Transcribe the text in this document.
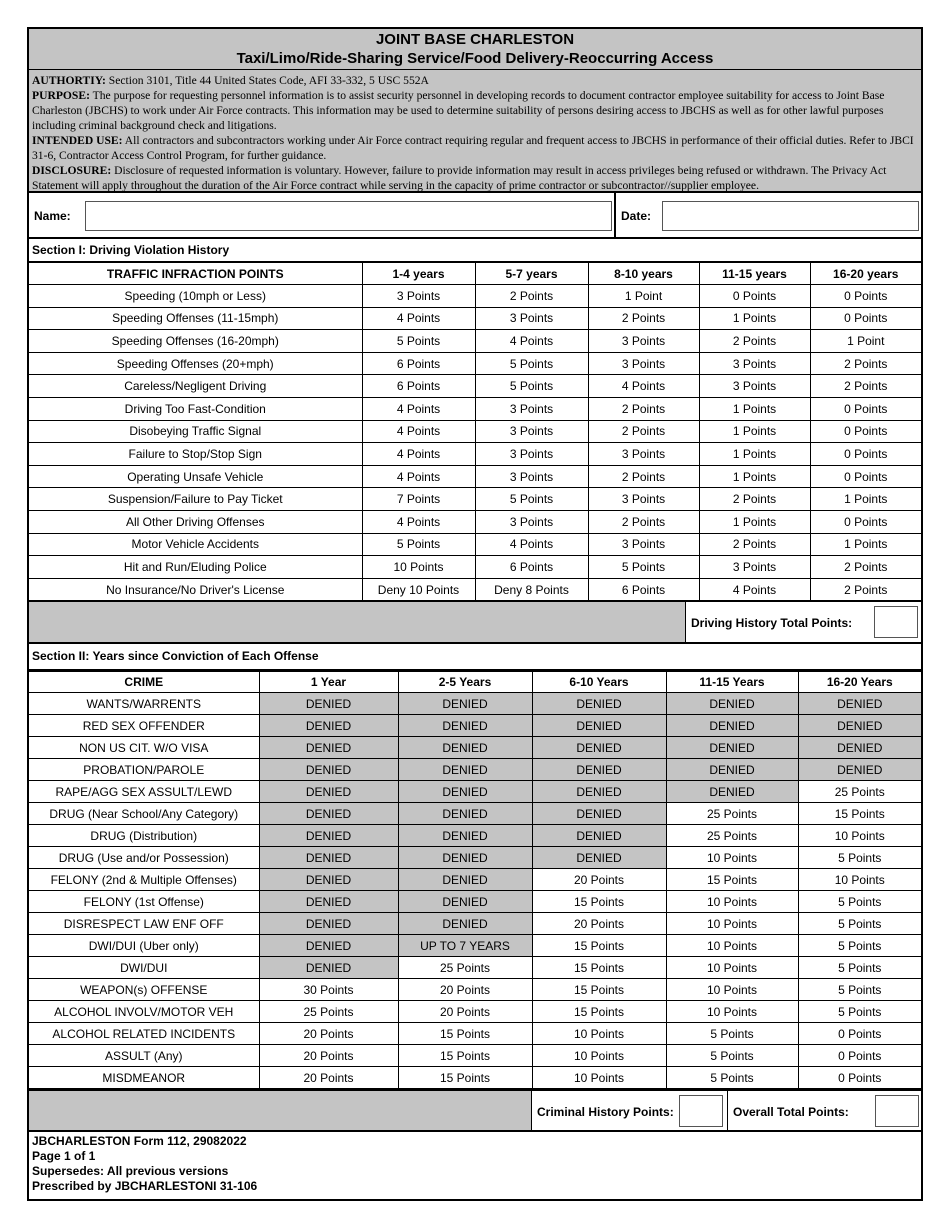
JOINT BASE CHARLESTON
Taxi/Limo/Ride-Sharing Service/Food Delivery-Reoccurring Access
AUTHORTIY: Section 3101, Title 44 United States Code, AFI 33-332, 5 USC 552A
PURPOSE: The purpose for requesting personnel information is to assist security personnel in developing records to document contractor employee suitability for access to Joint Base Charleston (JBCHS) to work under Air Force contracts. This information may be used to determine suitability of persons desiring access to JBCHS as well as for other lawful purposes including criminal background check and litigations.
INTENDED USE: All contractors and subcontractors working under Air Force contract requiring regular and frequent access to JBCHS in performance of their official duties. Refer to JBCI 31-6, Contractor Access Control Program, for further guidance.
DISCLOSURE: Disclosure of requested information is voluntary. However, failure to provide information may result in access privileges being refused or withdrawn. The Privacy Act Statement will apply throughout the duration of the Air Force contract while serving in the capacity of prime contractor or subcontractor//supplier employee.
Name:	Date:
Section I: Driving Violation History
TRAFFIC INFRACTION POINTS	1-4 years	5-7 years	8-10 years	11-15 years	16-20 years
Speeding (10mph or Less)	3 Points	2 Points	1 Point	0 Points	0 Points
Speeding Offenses (11-15mph)	4 Points	3 Points	2 Points	1 Points	0 Points
Speeding Offenses (16-20mph)	5 Points	4 Points	3 Points	2 Points	1 Point
Speeding Offenses (20+mph)	6 Points	5 Points	3 Points	3 Points	2 Points
Careless/Negligent Driving	6 Points	5 Points	4 Points	3 Points	2 Points
Driving Too Fast-Condition	4 Points	3 Points	2 Points	1 Points	0 Points
Disobeying Traffic Signal	4 Points	3 Points	2 Points	1 Points	0 Points
Failure to Stop/Stop Sign	4 Points	3 Points	3 Points	1 Points	0 Points
Operating Unsafe Vehicle	4 Points	3 Points	2 Points	1 Points	0 Points
Suspension/Failure to Pay Ticket	7 Points	5 Points	3 Points	2 Points	1 Points
All Other Driving Offenses	4 Points	3 Points	2 Points	1 Points	0 Points
Motor Vehicle Accidents	5 Points	4 Points	3 Points	2 Points	1 Points
Hit and Run/Eluding Police	10 Points	6 Points	5 Points	3 Points	2 Points
No Insurance/No Driver's License	Deny 10 Points	Deny 8 Points	6 Points	4 Points	2 Points
Driving History Total Points:
Section II: Years since Conviction of Each Offense
CRIME	1 Year	2-5 Years	6-10 Years	11-15 Years	16-20 Years
WANTS/WARRENTS	DENIED	DENIED	DENIED	DENIED	DENIED
RED SEX OFFENDER	DENIED	DENIED	DENIED	DENIED	DENIED
NON US CIT. W/O VISA	DENIED	DENIED	DENIED	DENIED	DENIED
PROBATION/PAROLE	DENIED	DENIED	DENIED	DENIED	DENIED
RAPE/AGG SEX ASSULT/LEWD	DENIED	DENIED	DENIED	DENIED	25 Points
DRUG (Near School/Any Category)	DENIED	DENIED	DENIED	25 Points	15 Points
DRUG (Distribution)	DENIED	DENIED	DENIED	25 Points	10 Points
DRUG (Use and/or Possession)	DENIED	DENIED	DENIED	10 Points	5 Points
FELONY (2nd & Multiple Offenses)	DENIED	DENIED	20 Points	15 Points	10 Points
FELONY (1st Offense)	DENIED	DENIED	15 Points	10 Points	5 Points
DISRESPECT LAW ENF OFF	DENIED	DENIED	20 Points	10 Points	5 Points
DWI/DUI (Uber only)	DENIED	UP TO 7 YEARS	15 Points	10 Points	5 Points
DWI/DUI	DENIED	25 Points	15 Points	10 Points	5 Points
WEAPON(s) OFFENSE	30 Points	20 Points	15 Points	10 Points	5 Points
ALCOHOL INVOLV/MOTOR VEH	25 Points	20 Points	15 Points	10 Points	5 Points
ALCOHOL RELATED INCIDENTS	20 Points	15 Points	10 Points	5 Points	0 Points
ASSULT (Any)	20 Points	15 Points	10 Points	5 Points	0 Points
MISDMEANOR	20 Points	15 Points	10 Points	5 Points	0 Points
Criminal History Points:	Overall Total Points:
JBCHARLESTON Form 112, 29082022
Page 1 of 1
Supersedes: All previous versions
Prescribed by JBCHARLESTONI 31-106
